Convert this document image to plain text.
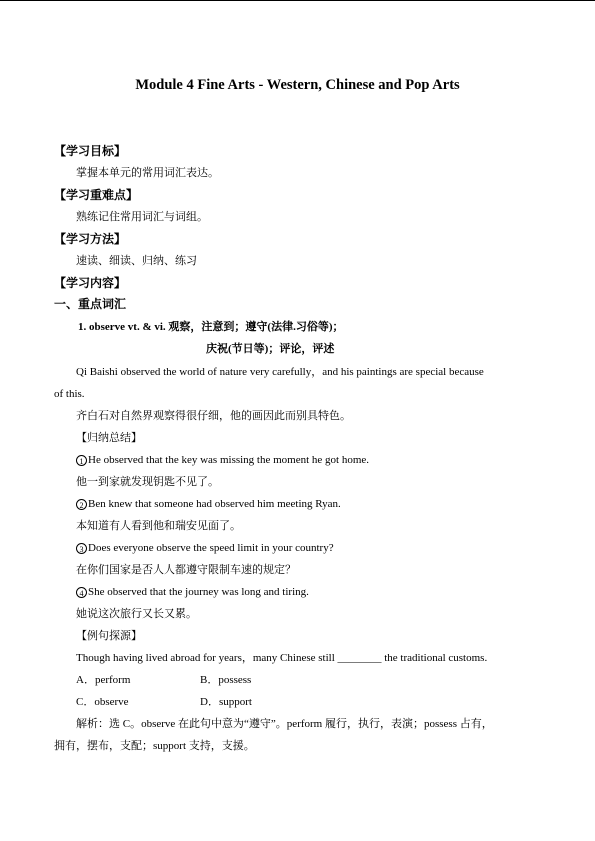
Module 4 Fine Arts - Western, Chinese and Pop Arts
【学习目标】
掌握本单元的常用词汇表达。
【学习重难点】
熟练记住常用词汇与词组。
【学习方法】
速读、细读、归纳、练习
【学习内容】
一、重点词汇
1. observe vt. & vi. 观察，注意到；遵守(法律.习俗等)；
庆祝(节日等)；评论，评述
Qi Baishi observed the world of nature very carefully，and his paintings are special because
of this.
齐白石对自然界观察得很仔细，他的画因此而别具特色。
【归纳总结】
1 He observed that the key was missing the moment he got home.
他一到家就发现钥匙不见了。
2 Ben knew that someone had observed him meeting Ryan.
本知道有人看到他和瑞安见面了。
3 Does everyone observe the speed limit in your country?
在你们国家是否人人都遵守限制车速的规定？
4 She observed that the journey was long and tiring.
她说这次旅行又长又累。
【例句探源】
Though having lived abroad for years，many Chinese still ________ the traditional customs.
A．perform	B．possess
C．observe	D．support
解析：选 C。observe 在此句中意为“遵守”。perform 履行，执行，表演；possess 占有，
拥有，摆布，支配；support 支持，支援。
